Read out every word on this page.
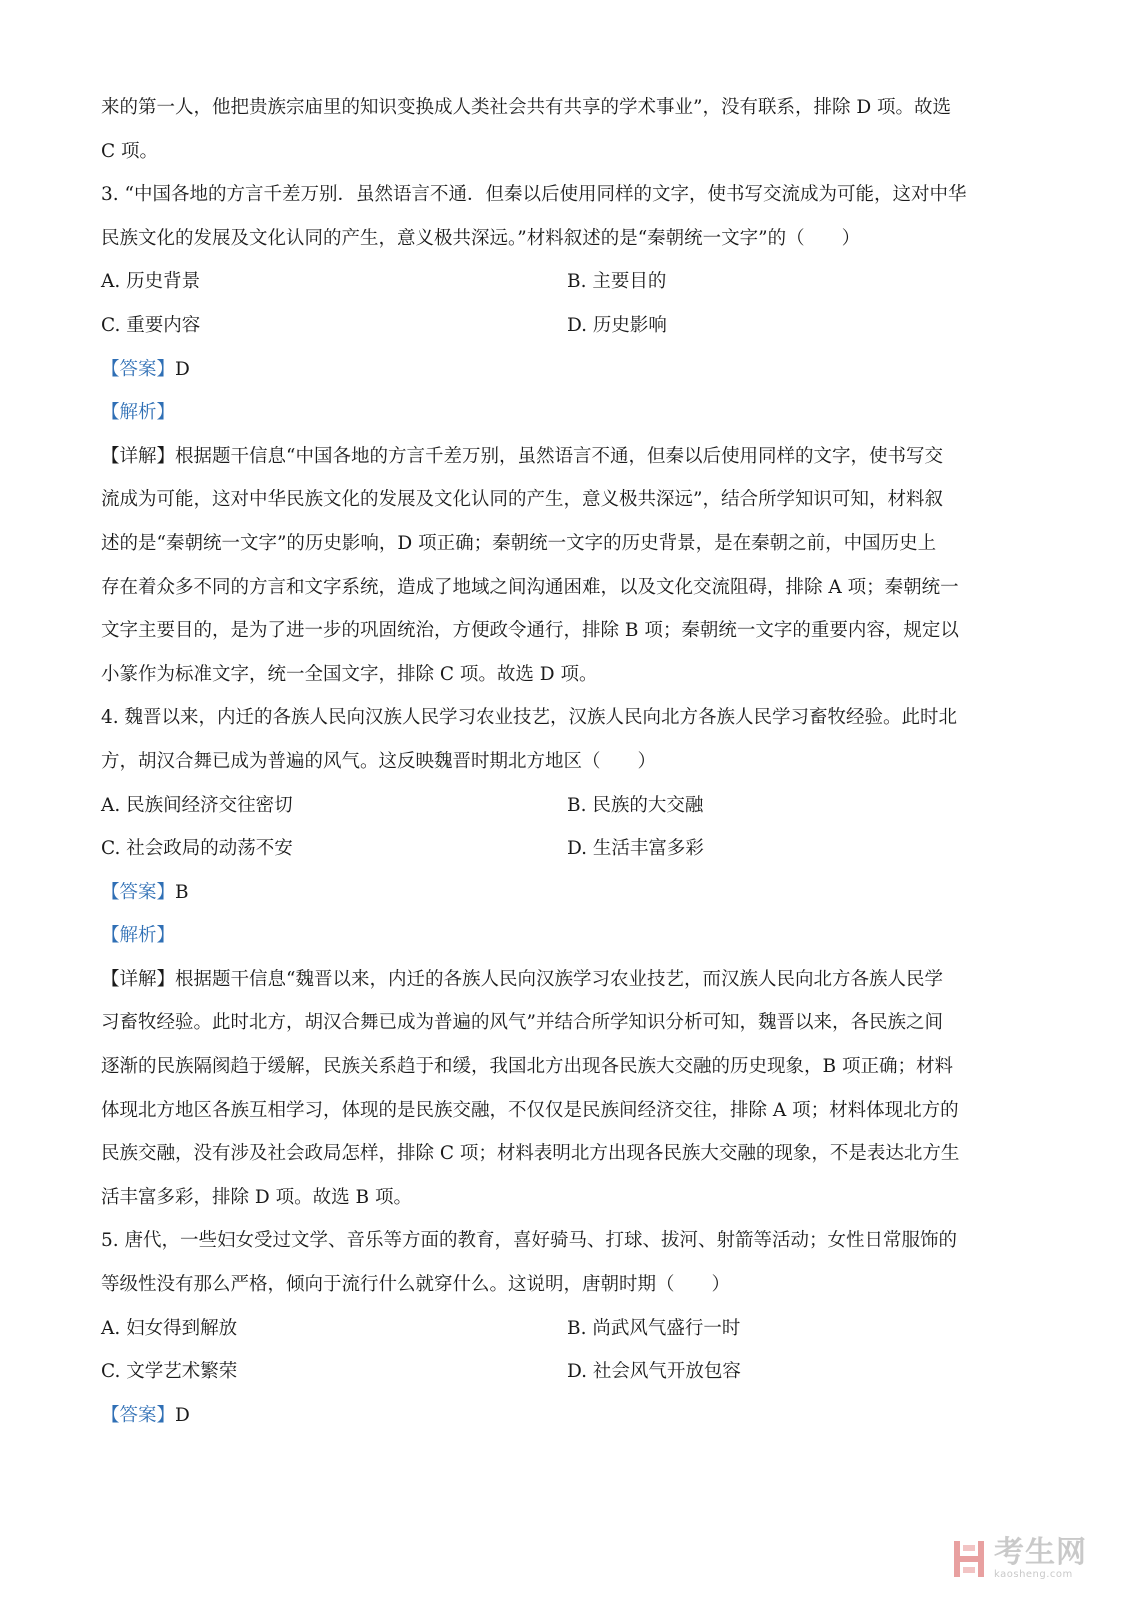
来的第一人，他把贵族宗庙里的知识变换成人类社会共有共享的学术事业”，没有联系，排除 D 项。故选
C 项。
3. “中国各地的方言千差万别．虽然语言不通．但秦以后使用同样的文字，使书写交流成为可能，这对中华
民族文化的发展及文化认同的产生，意义极共深远。”材料叙述的是“秦朝统一文字”的（　　）
A. 历史背景	B. 主要目的
C. 重要内容	D. 历史影响
【答案】D
【解析】
【详解】根据题干信息“中国各地的方言千差万别，虽然语言不通，但秦以后使用同样的文字，使书写交
流成为可能，这对中华民族文化的发展及文化认同的产生，意义极共深远”，结合所学知识可知，材料叙
述的是“秦朝统一文字”的历史影响，D 项正确；秦朝统一文字的历史背景，是在秦朝之前，中国历史上
存在着众多不同的方言和文字系统，造成了地域之间沟通困难，以及文化交流阻碍，排除 A 项；秦朝统一
文字主要目的，是为了进一步的巩固统治，方便政令通行，排除 B 项；秦朝统一文字的重要内容，规定以
小篆作为标准文字，统一全国文字，排除 C 项。故选 D 项。
4. 魏晋以来，内迁的各族人民向汉族人民学习农业技艺，汉族人民向北方各族人民学习畜牧经验。此时北
方，胡汉合舞已成为普遍的风气。这反映魏晋时期北方地区（　　）
A. 民族间经济交往密切	B. 民族的大交融
C. 社会政局的动荡不安	D. 生活丰富多彩
【答案】B
【解析】
【详解】根据题干信息“魏晋以来，内迁的各族人民向汉族学习农业技艺，而汉族人民向北方各族人民学
习畜牧经验。此时北方，胡汉合舞已成为普遍的风气”并结合所学知识分析可知，魏晋以来，各民族之间
逐渐的民族隔阂趋于缓解，民族关系趋于和缓，我国北方出现各民族大交融的历史现象，B 项正确；材料
体现北方地区各族互相学习，体现的是民族交融，不仅仅是民族间经济交往，排除 A 项；材料体现北方的
民族交融，没有涉及社会政局怎样，排除 C 项；材料表明北方出现各民族大交融的现象，不是表达北方生
活丰富多彩，排除 D 项。故选 B 项。
5. 唐代，一些妇女受过文学、音乐等方面的教育，喜好骑马、打球、拔河、射箭等活动；女性日常服饰的
等级性没有那么严格，倾向于流行什么就穿什么。这说明，唐朝时期（　　）
A. 妇女得到解放	B. 尚武风气盛行一时
C. 文学艺术繁荣	D. 社会风气开放包容
【答案】D
考生网
kaosheng.com
